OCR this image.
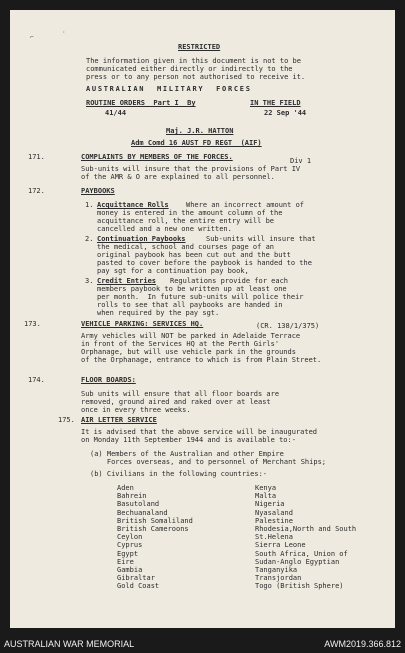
⌐
·
RESTRICTED
The information given in this document is not to be
communicated either directly or indirectly to the
press or to any person not authorised to receive it.
AUSTRALIAN  MILITARY  FORCES
ROUTINE ORDERS  Part I  By
41/44
IN THE FIELD
22 Sep '44
Maj. J.R. HATTON
Adm Comd 16 AUST FD REGT  (AIF)
171.	COMPLAINTS BY MEMBERS OF THE FORCES.	Div 1
Sub-units will insure that the provisions of Part IV
of the AMR & O are explained to all personnel.
172.	PAYBOOKS
1. Acquittance Rolls Where an incorrect amount of
money is entered in the amount column of the
acquittance roll, the entire entry will be
cancelled and a new one written.
2. Continuation Paybooks	Sub-units will insure that
the medical, school and courses page of an
original paybook has been cut out and the butt
pasted to cover before the paybook is handed to the
pay sgt for a continuation pay book,
3. Credit Entries Regulations provide for each
members paybook to be written up at least one
per month.  In future sub-units will police their
rolls to see that all paybooks are handed in
when required by the pay sgt.
173.	VEHICLE PARKING: SERVICES HQ.	(CR. 138/1/375)
Army vehicles will NOT be parked in Adelaide Terrace
in front of the Services HQ at the Perth Girls'
Orphanage, but will use vehicle park in the grounds
of the Orphanage, entrance to which is from Plain Street.
174.	FLOOR BOARDS:
Sub units will ensure that all floor boards are
removed, ground aired and raked over at least
once in every three weeks.
175. AIR LETTER SERVICE
It is advised that the above service will be inaugurated
on Monday 11th September 1944 and is available to:-
(a) Members of the Australian and other Empire
Forces overseas, and to personnel of Merchant Ships;
(b) Civilians in the following countries:-
Aden
Bahrein
Basutoland
Bechuanaland
British Somaliland
British Cameroons
Ceylon
Cyprus
Egypt
Eire
Gambia
Gibraltar
Gold Coast
Kenya
Malta
Nigeria
Nyasaland
Palestine
Rhodesia,North and South
St.Helena
Sierra Leone
South Africa, Union of
Sudan-Anglo Egyptian
Tanganyika
Transjordan
Togo (British Sphere)
AUSTRALIAN WAR MEMORIAL	AWM2019.366.812
